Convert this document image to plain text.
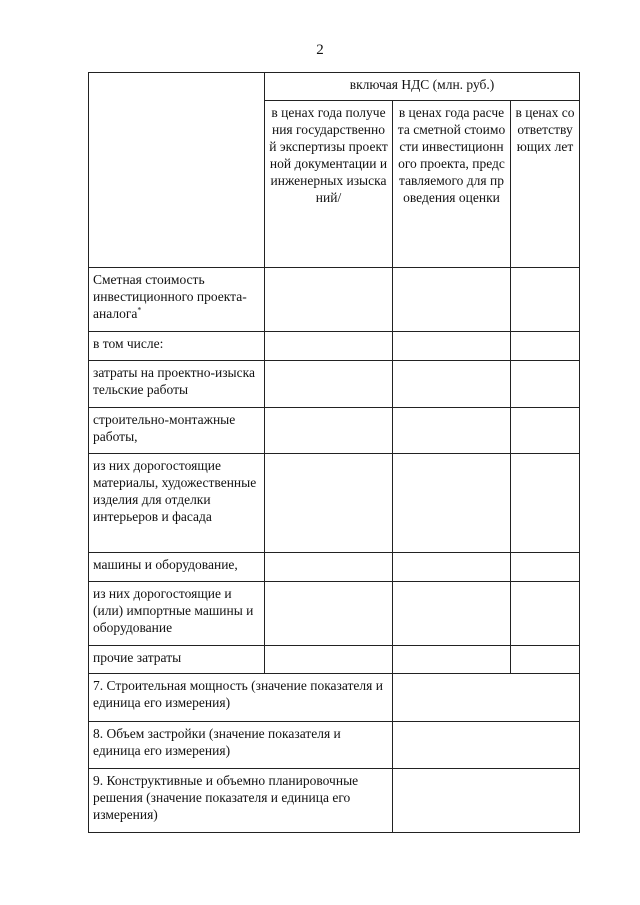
2
	включая НДС (млн. руб.)		
	в ценах года получения государственной экспертизы проектной документации и инженерных изысканий/	в ценах года расчета сметной стоимости инвестиционного проекта, представляемого для проведения оценки	в ценах соответствующих лет
Сметная стоимость инвестиционного проекта-аналога*			
в том числе:			
затраты на проектно-изыскательские работы			
строительно-монтажные работы,			
из них дорогостоящие материалы, художественные изделия для отделки интерьеров и фасада			
машины и оборудование,			
из них дорогостоящие и (или) импортные машины и оборудование			
прочие затраты			
7. Строительная мощность (значение показателя и единица его измерения)			
8. Объем застройки (значение показателя и единица его измерения)			
9. Конструктивные и объемно планировочные решения (значение показателя и единица его измерения)			
